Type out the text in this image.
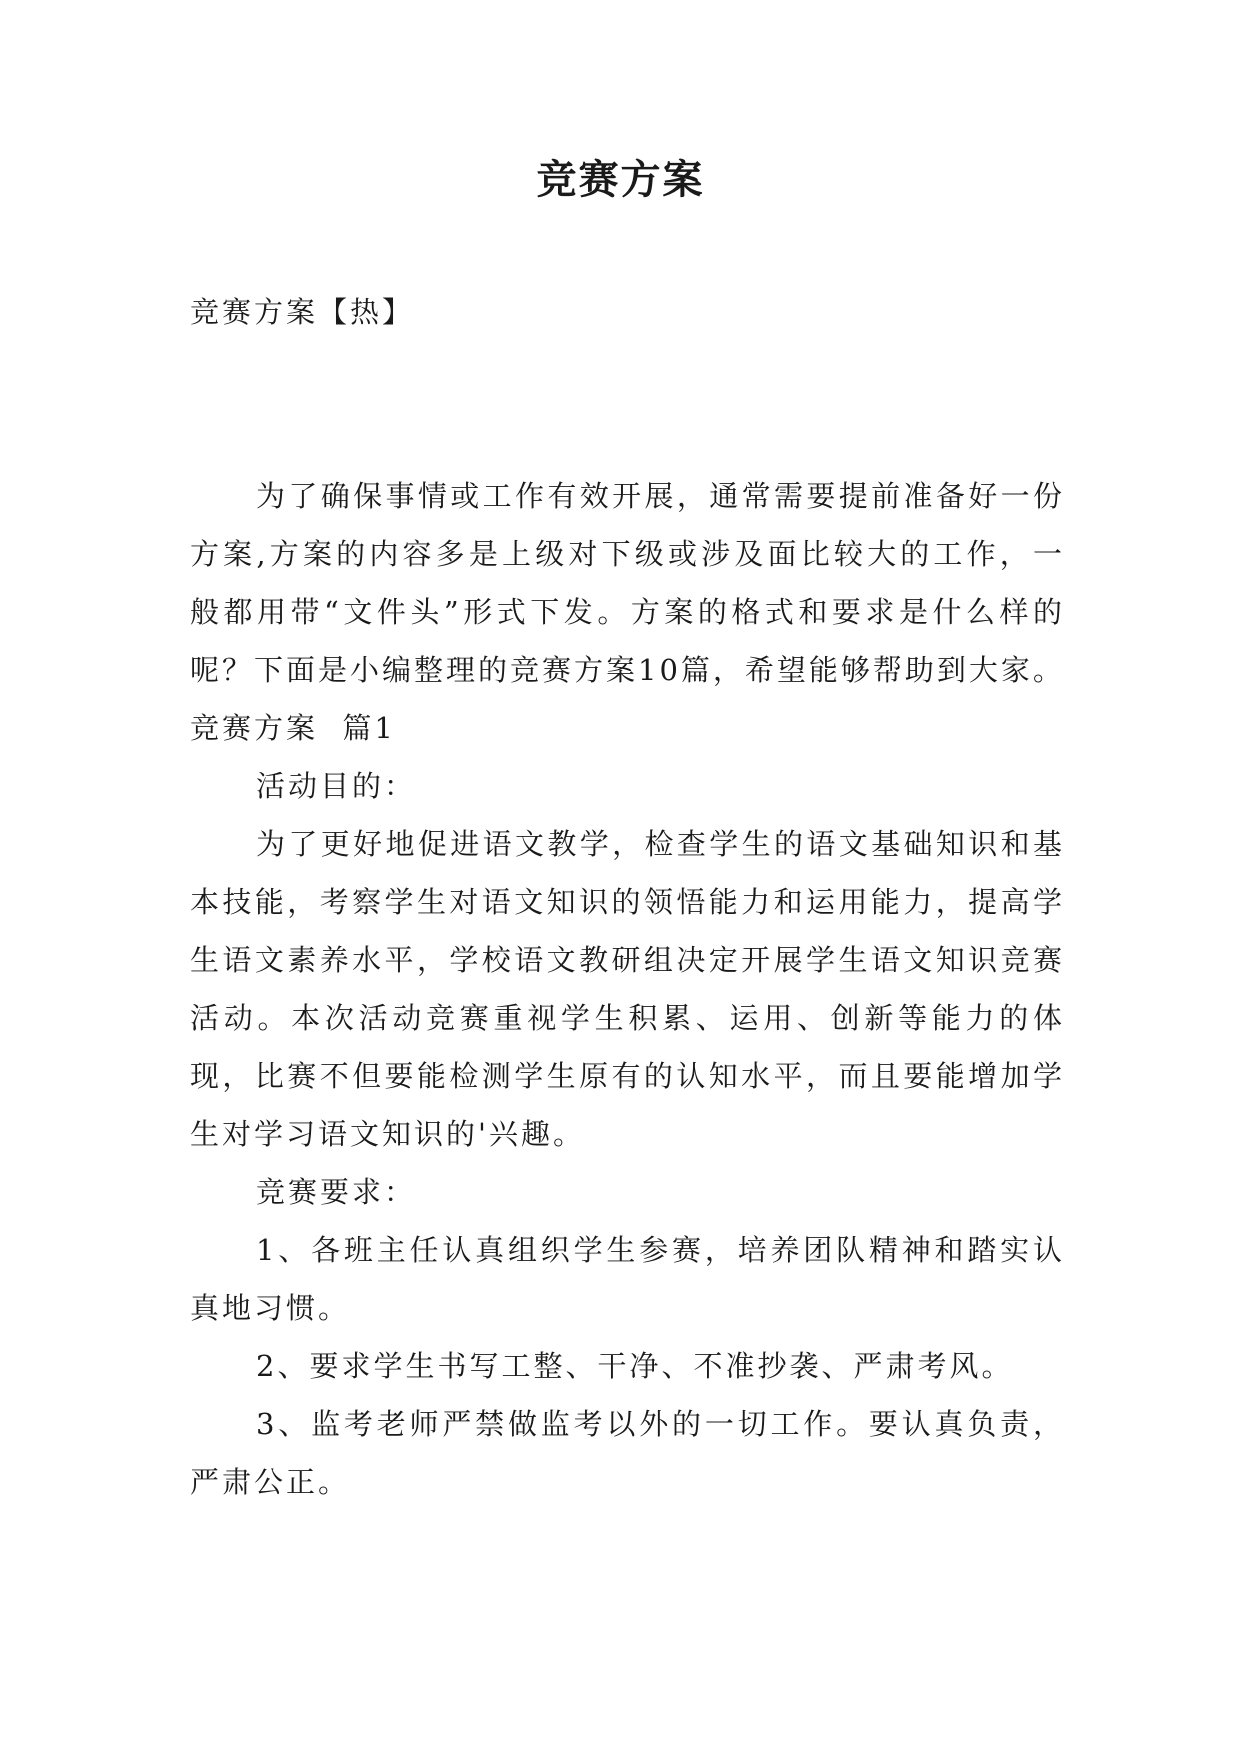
竞赛方案
竞赛方案【热】

为了确保事情或工作有效开展，通常需要提前准备好一份方案,方案的内容多是上级对下级或涉及面比较大的工作，一般都用带“文件头”形式下发。方案的格式和要求是什么样的呢？下面是小编整理的竞赛方案10篇，希望能够帮助到大家。

竞赛方案  篇1

活动目的：

为了更好地促进语文教学，检查学生的语文基础知识和基本技能，考察学生对语文知识的领悟能力和运用能力，提高学生语文素养水平，学校语文教研组决定开展学生语文知识竞赛活动。本次活动竞赛重视学生积累、运用、创新等能力的体现，比赛不但要能检测学生原有的认知水平，而且要能增加学生对学习语文知识的'兴趣。

竞赛要求：

1、各班主任认真组织学生参赛，培养团队精神和踏实认真地习惯。

2、要求学生书写工整、干净、不准抄袭、严肃考风。

3、监考老师严禁做监考以外的一切工作。要认真负责，严肃公正。
